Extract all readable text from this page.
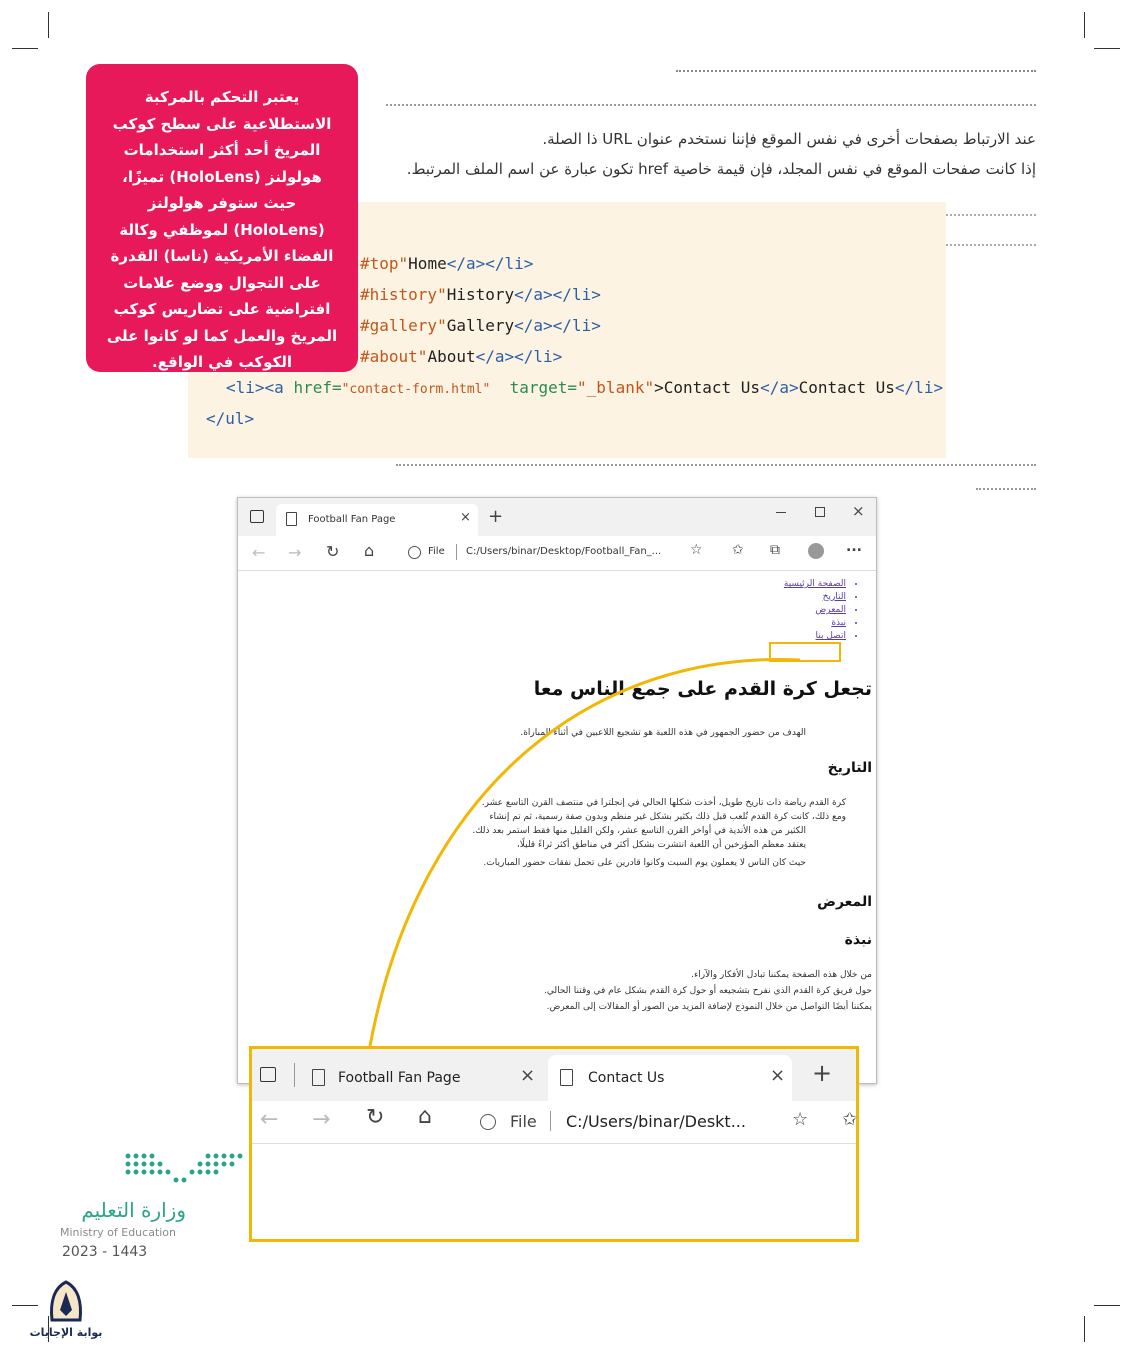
عند الارتباط بصفحات أخرى في نفس الموقع فإننا نستخدم عنوان URL ذا الصلة.
إذا كانت صفحات الموقع في نفس المجلد، فإن قيمة خاصية href تكون عبارة عن اسم الملف المرتبط.
#top"Home</a></li>
#history"History</a></li>
#gallery"Gallery</a></li>
#about"About</a></li>
<li><a href="contact-form.html" target="_blank">Contact Us</a>Contact Us</li>
</ul>
يعتبر التحكم بالمركبة الاستطلاعية على سطح كوكب المريخ أحد أكثر استخدامات هولولنز (HoloLens) تميزًا، حيث ستوفر هولولنز (HoloLens) لموظفي وكالة الفضاء الأمريكية (ناسا) القدرة على التجوال ووضع علامات افتراضية على تضاريس كوكب المريخ والعمل كما لو كانوا على الكوكب في الواقع.
Football Fan Page	× +	×
← → ↻ ⌂	File C:/Users/binar/Desktop/Football_Fan_... ☆ ✩ ⧉	...
• الصفحة الرئيسية
• التاريخ
• المعرض
• نبذة
• اتصل بنا
تجعل كرة القدم على جمع الناس معا
الهدف من حضور الجمهور في هذه اللعبة هو تشجيع اللاعبين في أثناء المباراة.
التاريخ
كرة القدم رياضة ذات تاريخ طويل، أخذت شكلها الحالي في إنجلترا في منتصف القرن التاسع عشر.
ومع ذلك، كانت كرة القدم تُلعب قبل ذلك بكثير بشكل غير منظم وبدون صفة رسمية، ثم تم إنشاء
الكثير من هذه الأندية في أواخر القرن التاسع عشر، ولكن القليل منها فقط استمر بعد ذلك.
يعتقد معظم المؤرخين أن اللعبة انتشرت بشكل أكثر في مناطق أكثر ثراءً قليلًا،
حيث كان الناس لا يعملون يوم السبت وكانوا قادرين على تحمل نفقات حضور المباريات.
المعرض
نبذة
من خلال هذه الصفحة يمكننا تبادل الأفكار والآراء.
حول فريق كرة القدم الذي نفرح بتشجيعه أو حول كرة القدم بشكل عام في وقتنا الحالي.
يمكننا أيضًا التواصل من خلال النموذج لإضافة المزيد من الصور أو المقالات إلى المعرض.
Football Fan Page	×	Contact Us	× +
← → ↻ ⌂	File C:/Users/binar/Deskt...	☆ ✩
وزارة التعليم
Ministry of Education
2023 - 1443
بوابة الإجابات
